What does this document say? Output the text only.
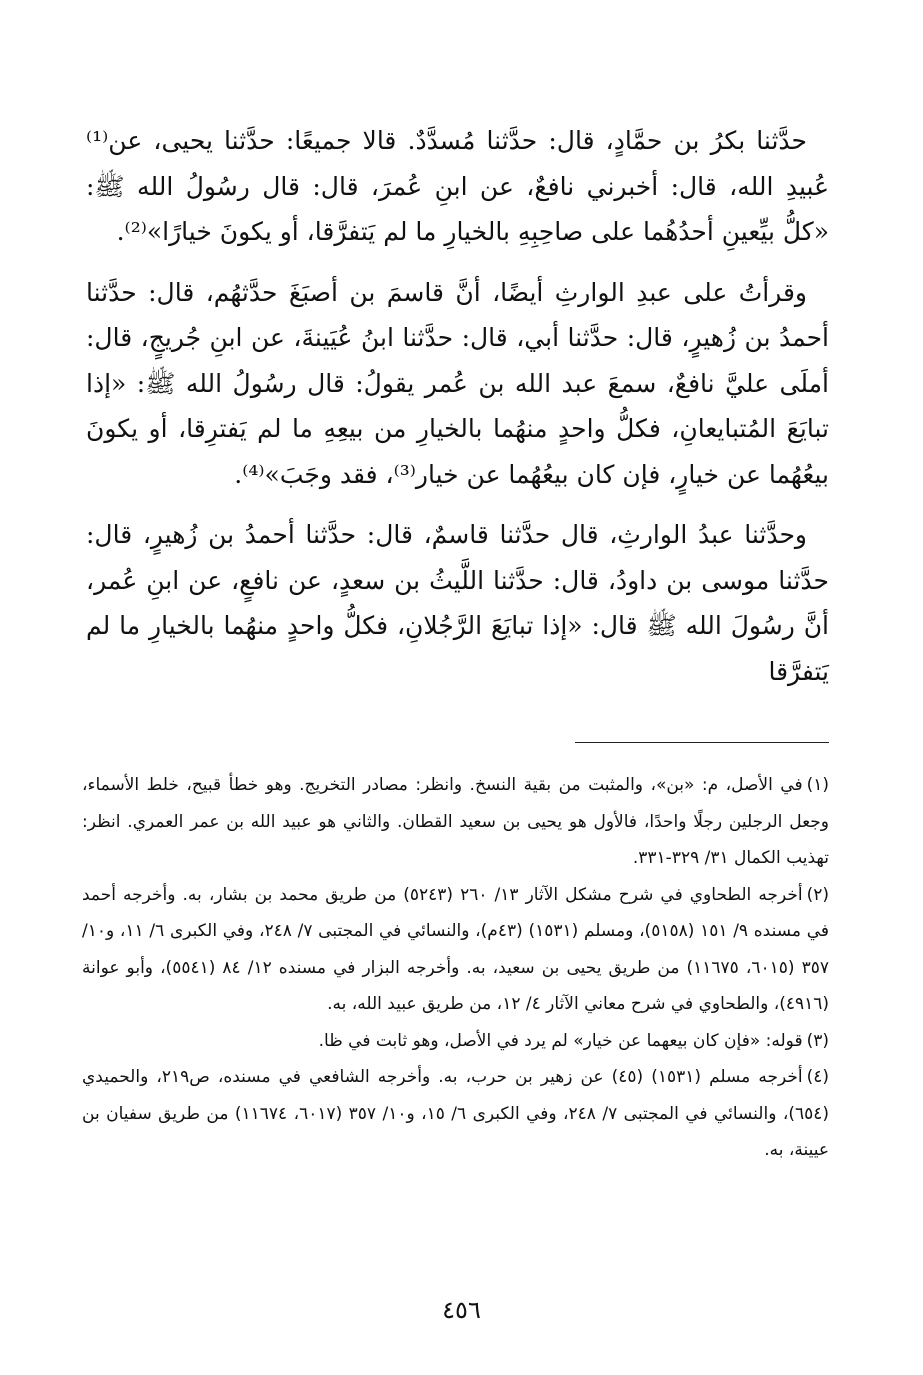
حدَّثنا بكرُ بن حمَّادٍ، قال: حدَّثنا مُسدَّدٌ. قالا جميعًا: حدَّثنا يحيى، عن⁽¹⁾ عُبيدِ الله، قال: أخبرني نافعٌ، عن ابنِ عُمرَ، قال: قال رسُولُ الله ﷺ: «كلُّ بيِّعينِ أحدُهُما على صاحِبِهِ بالخيارِ ما لم يَتفرَّقا، أو يكونَ خيارًا»⁽²⁾.

وقرأتُ على عبدِ الوارثِ أيضًا، أنَّ قاسمَ بن أصبَغَ حدَّثهُم، قال: حدَّثنا أحمدُ بن زُهيرٍ، قال: حدَّثنا أبي، قال: حدَّثنا ابنُ عُيَينةَ، عن ابنِ جُريجٍ، قال: أملَى عليَّ نافعٌ، سمعَ عبد الله بن عُمر يقولُ: قال رسُولُ الله ﷺ: «إذا تبايَعَ المُتبايعانِ، فكلُّ واحدٍ منهُما بالخيارِ من بيعِهِ ما لم يَفترِقا، أو يكونَ بيعُهُما عن خيارٍ، فإن كان بيعُهُما عن خيار⁽³⁾، فقد وجَبَ»⁽⁴⁾.

وحدَّثنا عبدُ الوارثِ، قال حدَّثنا قاسمٌ، قال: حدَّثنا أحمدُ بن زُهيرٍ، قال: حدَّثنا موسى بن داودُ، قال: حدَّثنا اللَّيثُ بن سعدٍ، عن نافعٍ، عن ابنِ عُمر، أنَّ رسُولَ الله ﷺ قال: «إذا تبايَعَ الرَّجُلانِ، فكلُّ واحدٍ منهُما بالخيارِ ما لم يَتفرَّقا

(١)في الأصل، م: «بن»، والمثبت من بقية النسخ. وانظر: مصادر التخريج. وهو خطأ قبيح، خلط الأسماء، وجعل الرجلين رجلًا واحدًا، فالأول هو يحيى بن سعيد القطان. والثاني هو عبيد الله بن عمر العمري. انظر: تهذيب الكمال ٣١/ ٣٢٩-٣٣١.

(٢)أخرجه الطحاوي في شرح مشكل الآثار ١٣/ ٢٦٠ (٥٢٤٣) من طريق محمد بن بشار، به. وأخرجه أحمد في مسنده ٩/ ١٥١ (٥١٥٨)، ومسلم (١٥٣١) (٤٣م)، والنسائي في المجتبى ٧/ ٢٤٨، وفي الكبرى ٦/ ١١، و١٠/ ٣٥٧ (٦٠١٥، ١١٦٧٥) من طريق يحيى بن سعيد، به. وأخرجه البزار في مسنده ١٢/ ٨٤ (٥٥٤١)، وأبو عوانة (٤٩١٦)، والطحاوي في شرح معاني الآثار ٤/ ١٢، من طريق عبيد الله، به.

(٣)قوله: «فإن كان بيعهما عن خيار» لم يرد في الأصل، وهو ثابت في ظا.

(٤)أخرجه مسلم (١٥٣١) (٤٥) عن زهير بن حرب، به. وأخرجه الشافعي في مسنده، ص٢١٩، والحميدي (٦٥٤)، والنسائي في المجتبى ٧/ ٢٤٨، وفي الكبرى ٦/ ١٥، و١٠/ ٣٥٧ (٦٠١٧، ١١٦٧٤) من طريق سفيان بن عيينة، به.

٤٥٦
